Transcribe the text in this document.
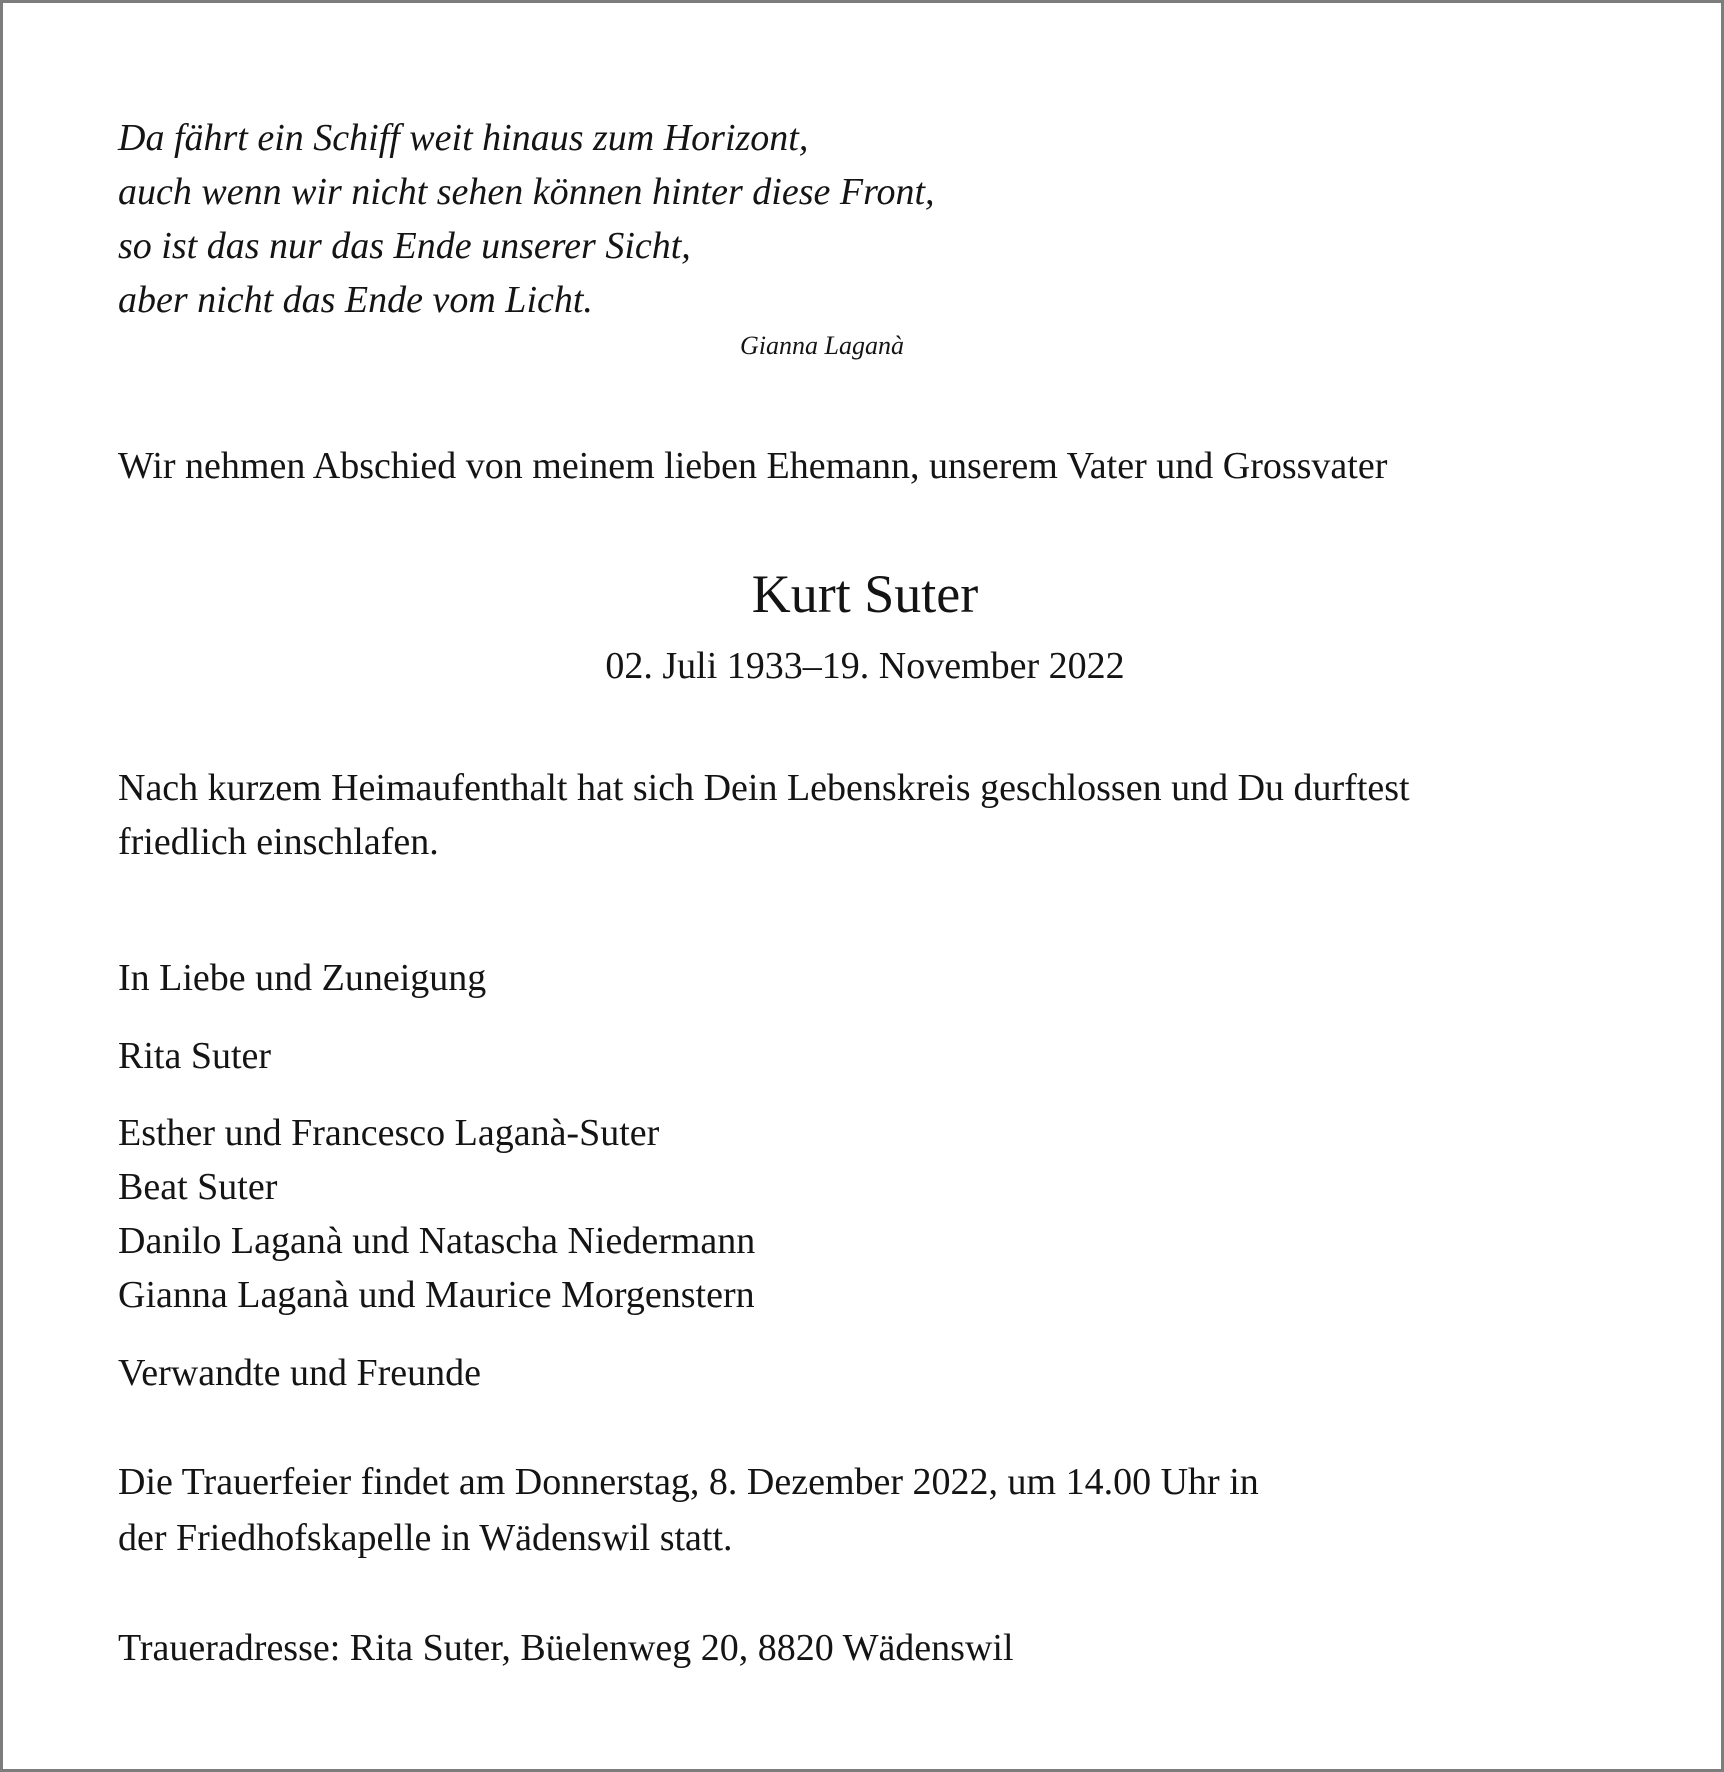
Da fährt ein Schiff weit hinaus zum Horizont,
auch wenn wir nicht sehen können hinter diese Front,
so ist das nur das Ende unserer Sicht,
aber nicht das Ende vom Licht.
Gianna Laganà
Wir nehmen Abschied von meinem lieben Ehemann, unserem Vater und Grossvater
Kurt Suter
02. Juli 1933–19. November 2022
Nach kurzem Heimaufenthalt hat sich Dein Lebenskreis geschlossen und Du durftest
friedlich einschlafen.
In Liebe und Zuneigung
Rita Suter
Esther und Francesco Laganà-Suter
Beat Suter
Danilo Laganà und Natascha Niedermann
Gianna Laganà und Maurice Morgenstern
Verwandte und Freunde
Die Trauerfeier findet am Donnerstag, 8. Dezember 2022, um 14.00 Uhr in
der Friedhofskapelle in Wädenswil statt.
Traueradresse: Rita Suter, Büelenweg 20, 8820 Wädenswil
